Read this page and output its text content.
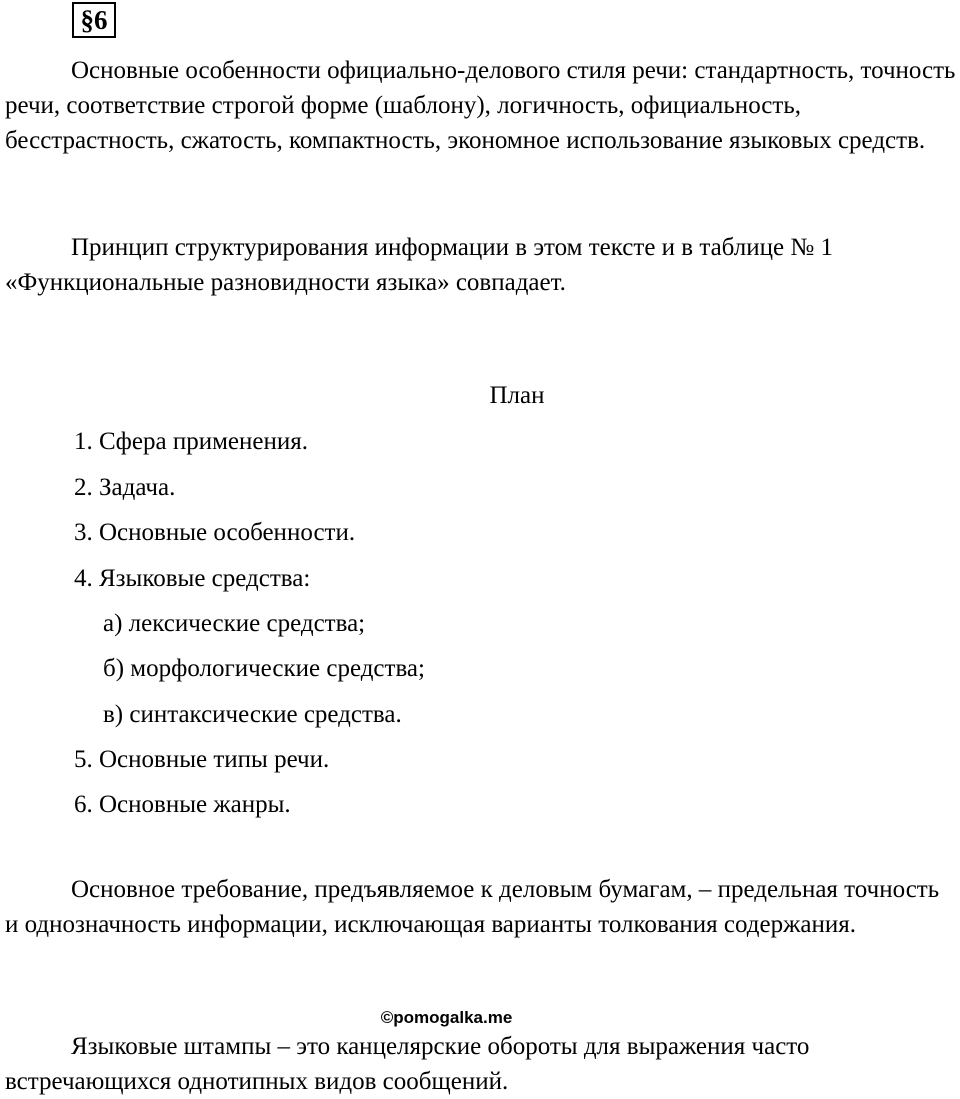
§6

Основные особенности официально-делового стиля речи: стандартность, точность речи, соответствие строгой форме (шаблону), логичность, официальность, бесстрастность, сжатость, компактность, экономное использование языковых средств.

Принцип структурирования информации в этом тексте и в таблице № 1 «Функциональные разновидности языка» совпадает.

План
1. Сфера применения.
2. Задача.
3. Основные особенности.
4. Языковые средства:
а) лексические средства;
б) морфологические средства;
в) синтаксические средства.
5. Основные типы речи.
6. Основные жанры.

Основное требование, предъявляемое к деловым бумагам, – предельная точность и однозначность информации, исключающая варианты толкования содержания.

©pomogalka.me

Языковые штампы – это канцелярские обороты для выражения часто встречающихся однотипных видов сообщений.
